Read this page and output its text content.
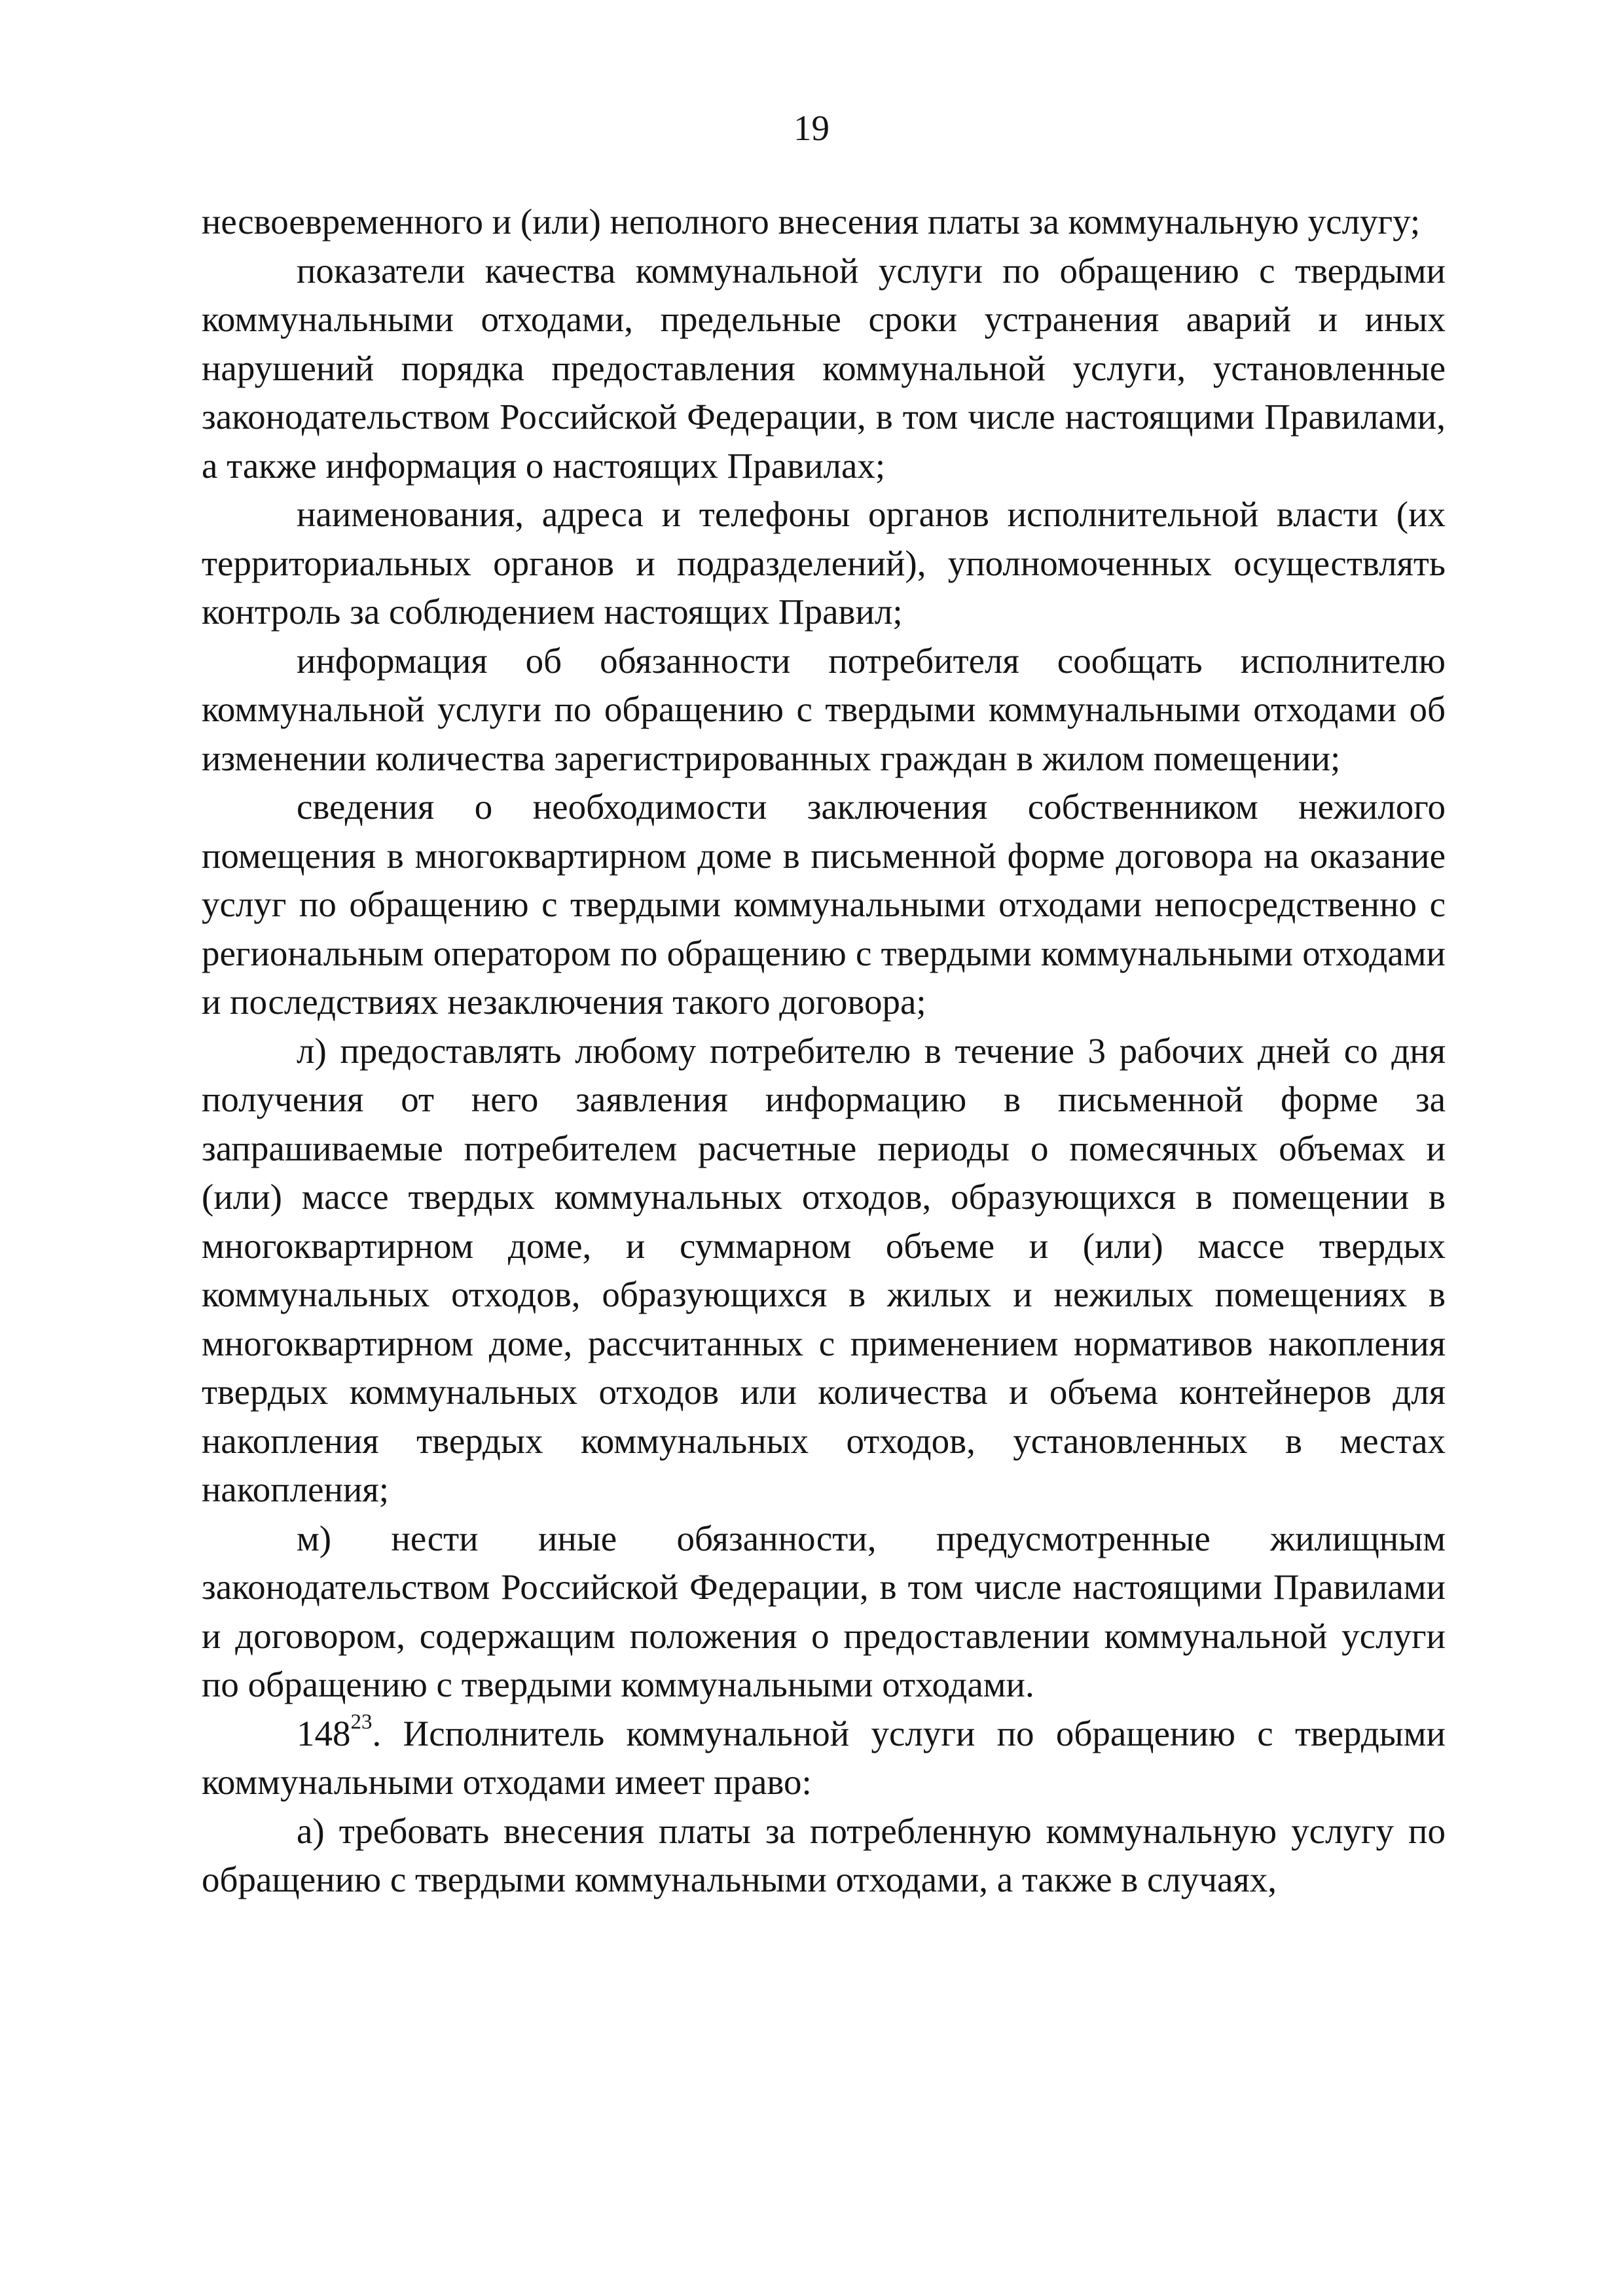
19

несвоевременного и (или) неполного внесения платы за коммунальную услугу;

показатели качества коммунальной услуги по обращению с твердыми коммунальными отходами, предельные сроки устранения аварий и иных нарушений порядка предоставления коммунальной услуги, установленные законодательством Российской Федерации, в том числе настоящими Правилами, а также информация о настоящих Правилах;

наименования, адреса и телефоны органов исполнительной власти (их территориальных органов и подразделений), уполномоченных осуществлять контроль за соблюдением настоящих Правил;

информация об обязанности потребителя сообщать исполнителю коммунальной услуги по обращению с твердыми коммунальными отходами об изменении количества зарегистрированных граждан в жилом помещении;

сведения о необходимости заключения собственником нежилого помещения в многоквартирном доме в письменной форме договора на оказание услуг по обращению с твердыми коммунальными отходами непосредственно с региональным оператором по обращению с твердыми коммунальными отходами и последствиях незаключения такого договора;

л) предоставлять любому потребителю в течение 3 рабочих дней со дня получения от него заявления информацию в письменной форме за запрашиваемые потребителем расчетные периоды о помесячных объемах и (или) массе твердых коммунальных отходов, образующихся в помещении в многоквартирном доме, и суммарном объеме и (или) массе твердых коммунальных отходов, образующихся в жилых и нежилых помещениях в многоквартирном доме, рассчитанных с применением нормативов накопления твердых коммунальных отходов или количества и объема контейнеров для накопления твердых коммунальных отходов, установленных в местах накопления;

м) нести иные обязанности, предусмотренные жилищным законодательством Российской Федерации, в том числе настоящими Правилами и договором, содержащим положения о предоставлении коммунальной услуги по обращению с твердыми коммунальными отходами.

$148^{23}$. Исполнитель коммунальной услуги по обращению с твердыми коммунальными отходами имеет право:

а) требовать внесения платы за потребленную коммунальную услугу по обращению с твердыми коммунальными отходами, а также в случаях,
